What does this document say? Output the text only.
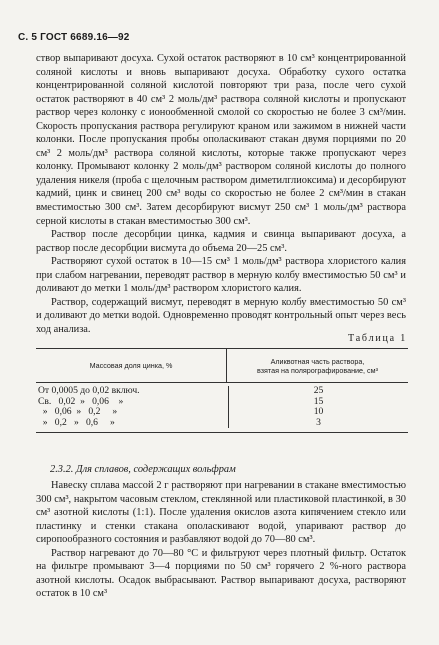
С. 5 ГОСТ 6689.16—92

створ выпаривают досуха. Сухой остаток растворяют в 10 см³ концентрированной соляной кислоты и вновь выпаривают досуха. Обработку сухого остатка концентрированной соляной кислотой повторяют три раза, после чего сухой остаток растворяют в 40 см³ 2 моль/дм³ раствора соляной кислоты и пропускают раствор через колонку с ионообменной смолой со скоростью не более 3 см³/мин. Скорость пропускания раствора регулируют краном или зажимом в нижней части колонки. После пропускания пробы ополаскивают стакан двумя порциями по 20 см³ 2 моль/дм³ раствора соляной кислоты, которые также пропускают через колонку. Промывают колонку 2 моль/дм³ раствором соляной кислоты до полного удаления никеля (проба с щелочным раствором диметилглиоксима) и десорбируют кадмий, цинк и свинец 200 см³ воды со скоростью не более 2 см³/мин в стакан вместимостью 300 см³. Затем десорбируют висмут 250 см³ 1 моль/дм³ раствора серной кислоты в стакан вместимостью 300 см³.

Раствор после десорбции цинка, кадмия и свинца выпаривают досуха, а раствор после десорбции висмута до объема 20—25 см³.

Растворяют сухой остаток в 10—15 см³ 1 моль/дм³ раствора хлористого калия при слабом нагревании, переводят раствор в мерную колбу вместимостью 50 см³ и доливают до метки 1 моль/дм³ раствором хлористого калия.

Раствор, содержащий висмут, переводят в мерную колбу вместимостью 50 см³ и доливают до метки водой. Одновременно проводят контрольный опыт через весь ход анализа.

Таблица 1
Массовая доля цинка, %	Аликвотная часть раствора,
взятая на полярографирование, см³
От 0,0005 до 0,02 включ.
Св.   0,02  »   0,06    »
»   0,06  »   0,2     »
»   0,2   »   0,6     »
25
15
10
3
2.3.2. Для сплавов, содержащих вольфрам

Навеску сплава массой 2 г растворяют при нагревании в стакане вместимостью 300 см³, накрытом часовым стеклом, стеклянной или пластиковой пластинкой, в 30 см³ азотной кислоты (1:1). После удаления окислов азота кипячением стекло или пластинку и стенки стакана ополаскивают водой, упаривают раствор до сиропообразного состояния и разбавляют водой до 70—80 см³.

Раствор нагревают до 70—80 °С и фильтруют через плотный фильтр. Остаток на фильтре промывают 3—4 порциями по 50 см³ горячего 2 %-ного раствора азотной кислоты. Осадок выбрасывают. Раствор выпаривают досуха, растворяют остаток в 10 см³
